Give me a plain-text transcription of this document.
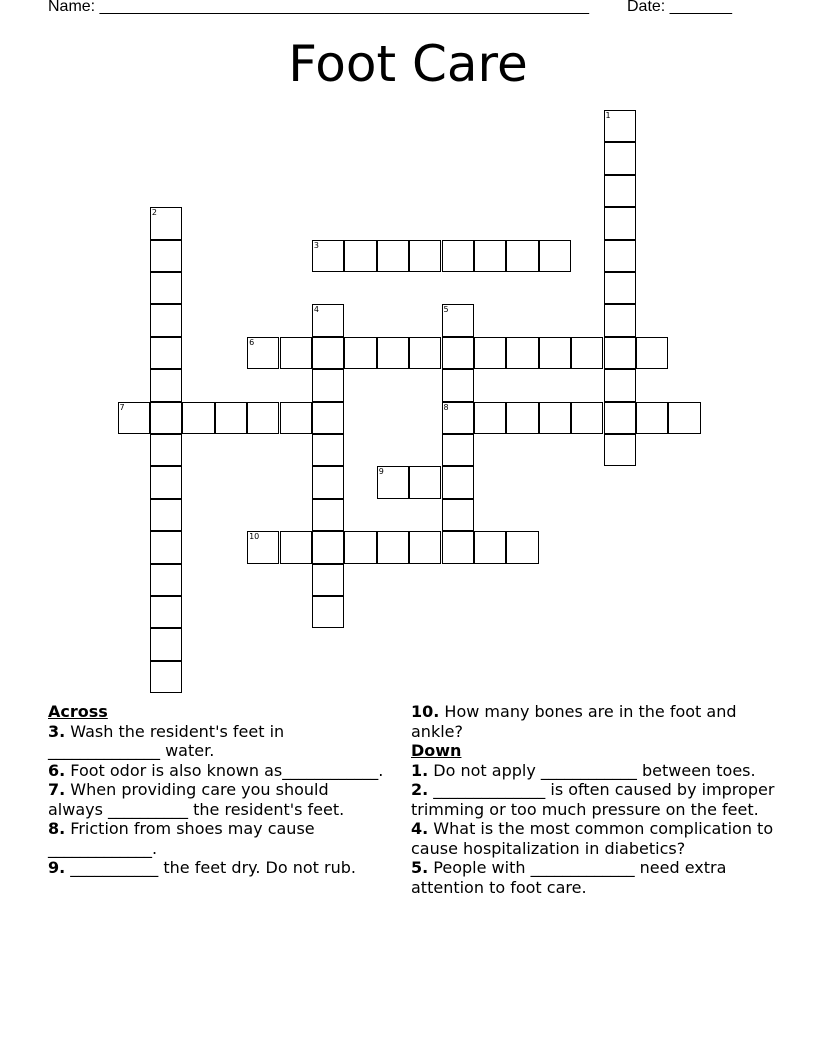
Name: _______________________________________________________ Date: _______
Foot Care
1
2
3
4	5
8
6
7
9
10
Across
3. Wash the resident's feet in ______________ water.
6. Foot odor is also known as____________.
7. When providing care you should always __________ the resident's feet.
8. Friction from shoes may cause _____________.
9. ___________ the feet dry. Do not rub.
10. How many bones are in the foot and ankle?
Down
1. Do not apply ____________ between toes.
2. ______________ is often caused by improper trimming or too much pressure on the feet.
4. What is the most common complication to cause hospitalization in diabetics?
5. People with _____________ need extra attention to foot care.
